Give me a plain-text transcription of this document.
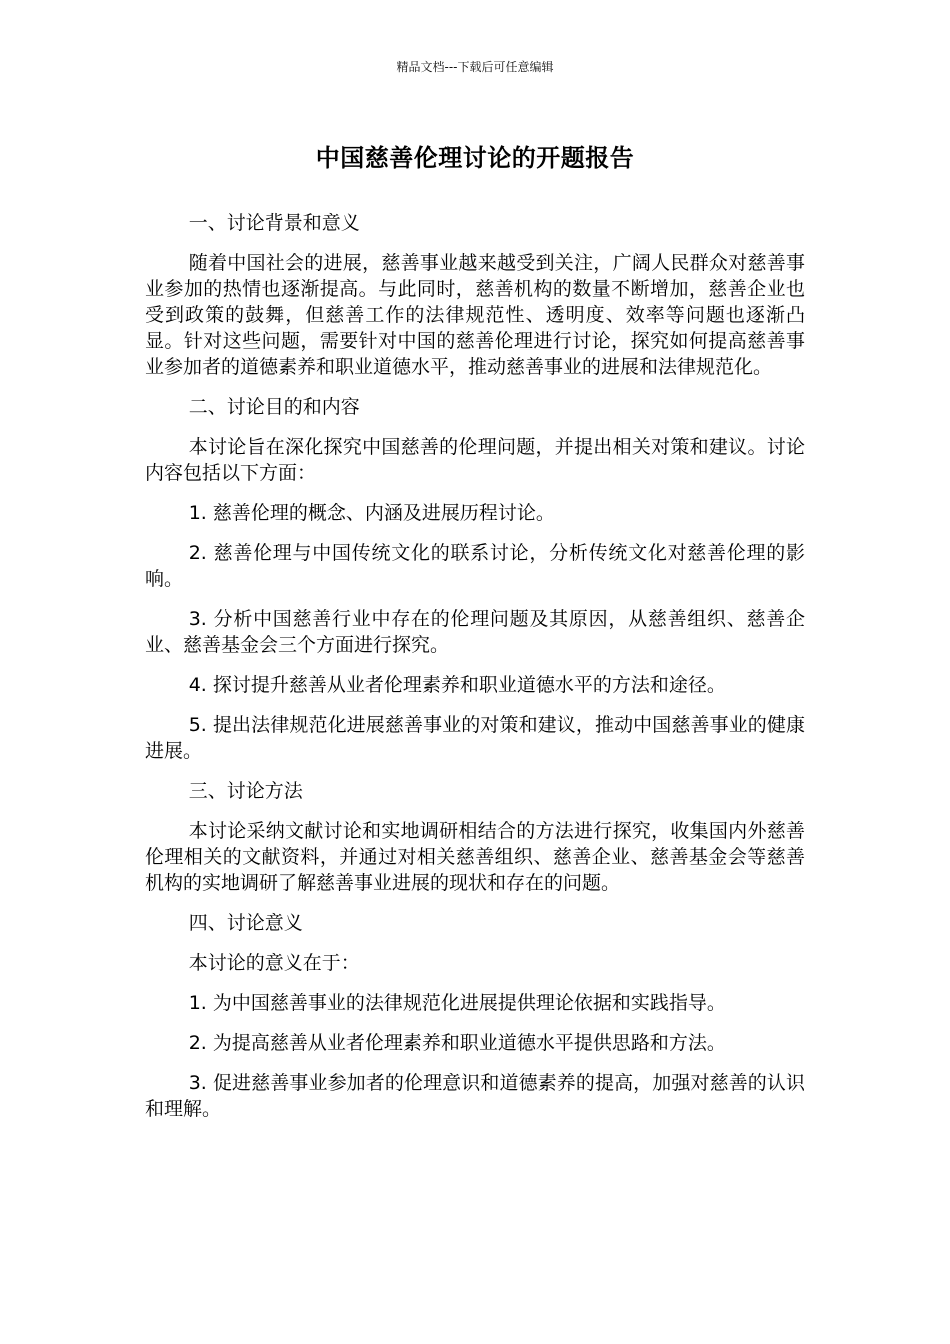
精品文档---下载后可任意编辑
中国慈善伦理讨论的开题报告

一、讨论背景和意义

随着中国社会的进展，慈善事业越来越受到关注，广阔人民群众对慈善事业参加的热情也逐渐提高。与此同时，慈善机构的数量不断增加，慈善企业也受到政策的鼓舞，但慈善工作的法律规范性、透明度、效率等问题也逐渐凸显。针对这些问题，需要针对中国的慈善伦理进行讨论，探究如何提高慈善事业参加者的道德素养和职业道德水平，推动慈善事业的进展和法律规范化。

二、讨论目的和内容

本讨论旨在深化探究中国慈善的伦理问题，并提出相关对策和建议。讨论内容包括以下方面：

1. 慈善伦理的概念、内涵及进展历程讨论。

2. 慈善伦理与中国传统文化的联系讨论，分析传统文化对慈善伦理的影响。

3. 分析中国慈善行业中存在的伦理问题及其原因，从慈善组织、慈善企业、慈善基金会三个方面进行探究。

4. 探讨提升慈善从业者伦理素养和职业道德水平的方法和途径。

5. 提出法律规范化进展慈善事业的对策和建议，推动中国慈善事业的健康进展。

三、讨论方法

本讨论采纳文献讨论和实地调研相结合的方法进行探究，收集国内外慈善伦理相关的文献资料，并通过对相关慈善组织、慈善企业、慈善基金会等慈善机构的实地调研了解慈善事业进展的现状和存在的问题。

四、讨论意义

本讨论的意义在于：

1. 为中国慈善事业的法律规范化进展提供理论依据和实践指导。

2. 为提高慈善从业者伦理素养和职业道德水平提供思路和方法。

3. 促进慈善事业参加者的伦理意识和道德素养的提高，加强对慈善的认识和理解。
